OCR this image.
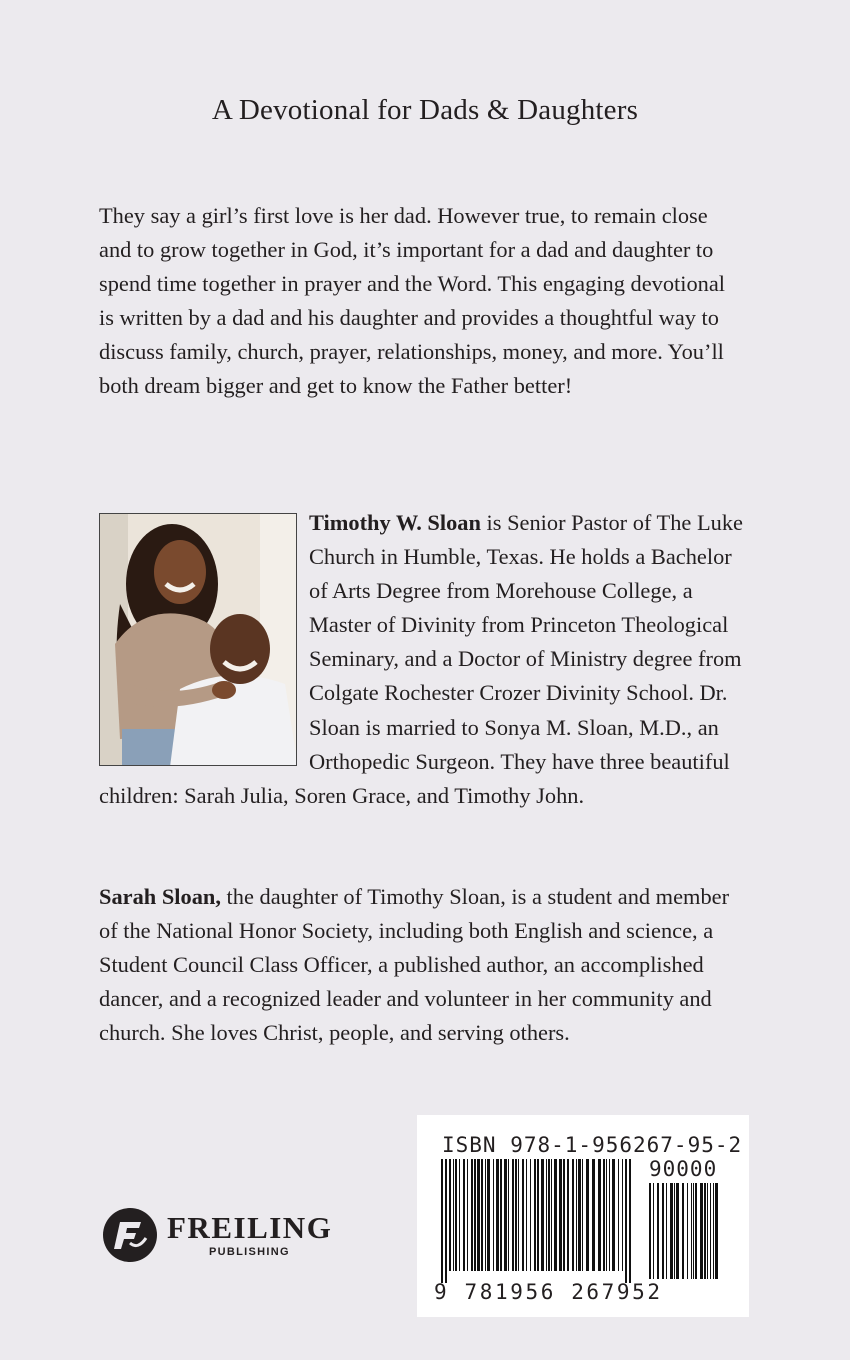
A Devotional for Dads & Daughters

They say a girl’s first love is her dad. However true, to remain close and to grow together in God, it’s important for a dad and daughter to spend time together in prayer and the Word. This engaging devotional is written by a dad and his daughter and provides a thoughtful way to discuss family, church, prayer, relationships, money, and more. You’ll both dream bigger and get to know the Father better!

Timothy W. Sloan is Senior Pastor of The Luke Church in Humble, Texas. He holds a Bachelor of Arts Degree from Morehouse College, a Master of Divinity from Princeton Theological Seminary, and a Doctor of Ministry degree from Colgate Rochester Crozer Divinity School. Dr. Sloan is married to Sonya M. Sloan, M.D., an Orthopedic Surgeon. They have three beautiful children: Sarah Julia, Soren Grace, and Timothy John.

Sarah Sloan, the daughter of Timothy Sloan, is a student and member of the National Honor Society, including both English and science, a Student Council Class Officer, a published author, an accomplished dancer, and a recognized leader and volunteer in her community and church. She loves Christ, people, and serving others.

FREILING
PUBLISHING
ISBN 978-1-956267-95-2
90000
9 781956 267952
